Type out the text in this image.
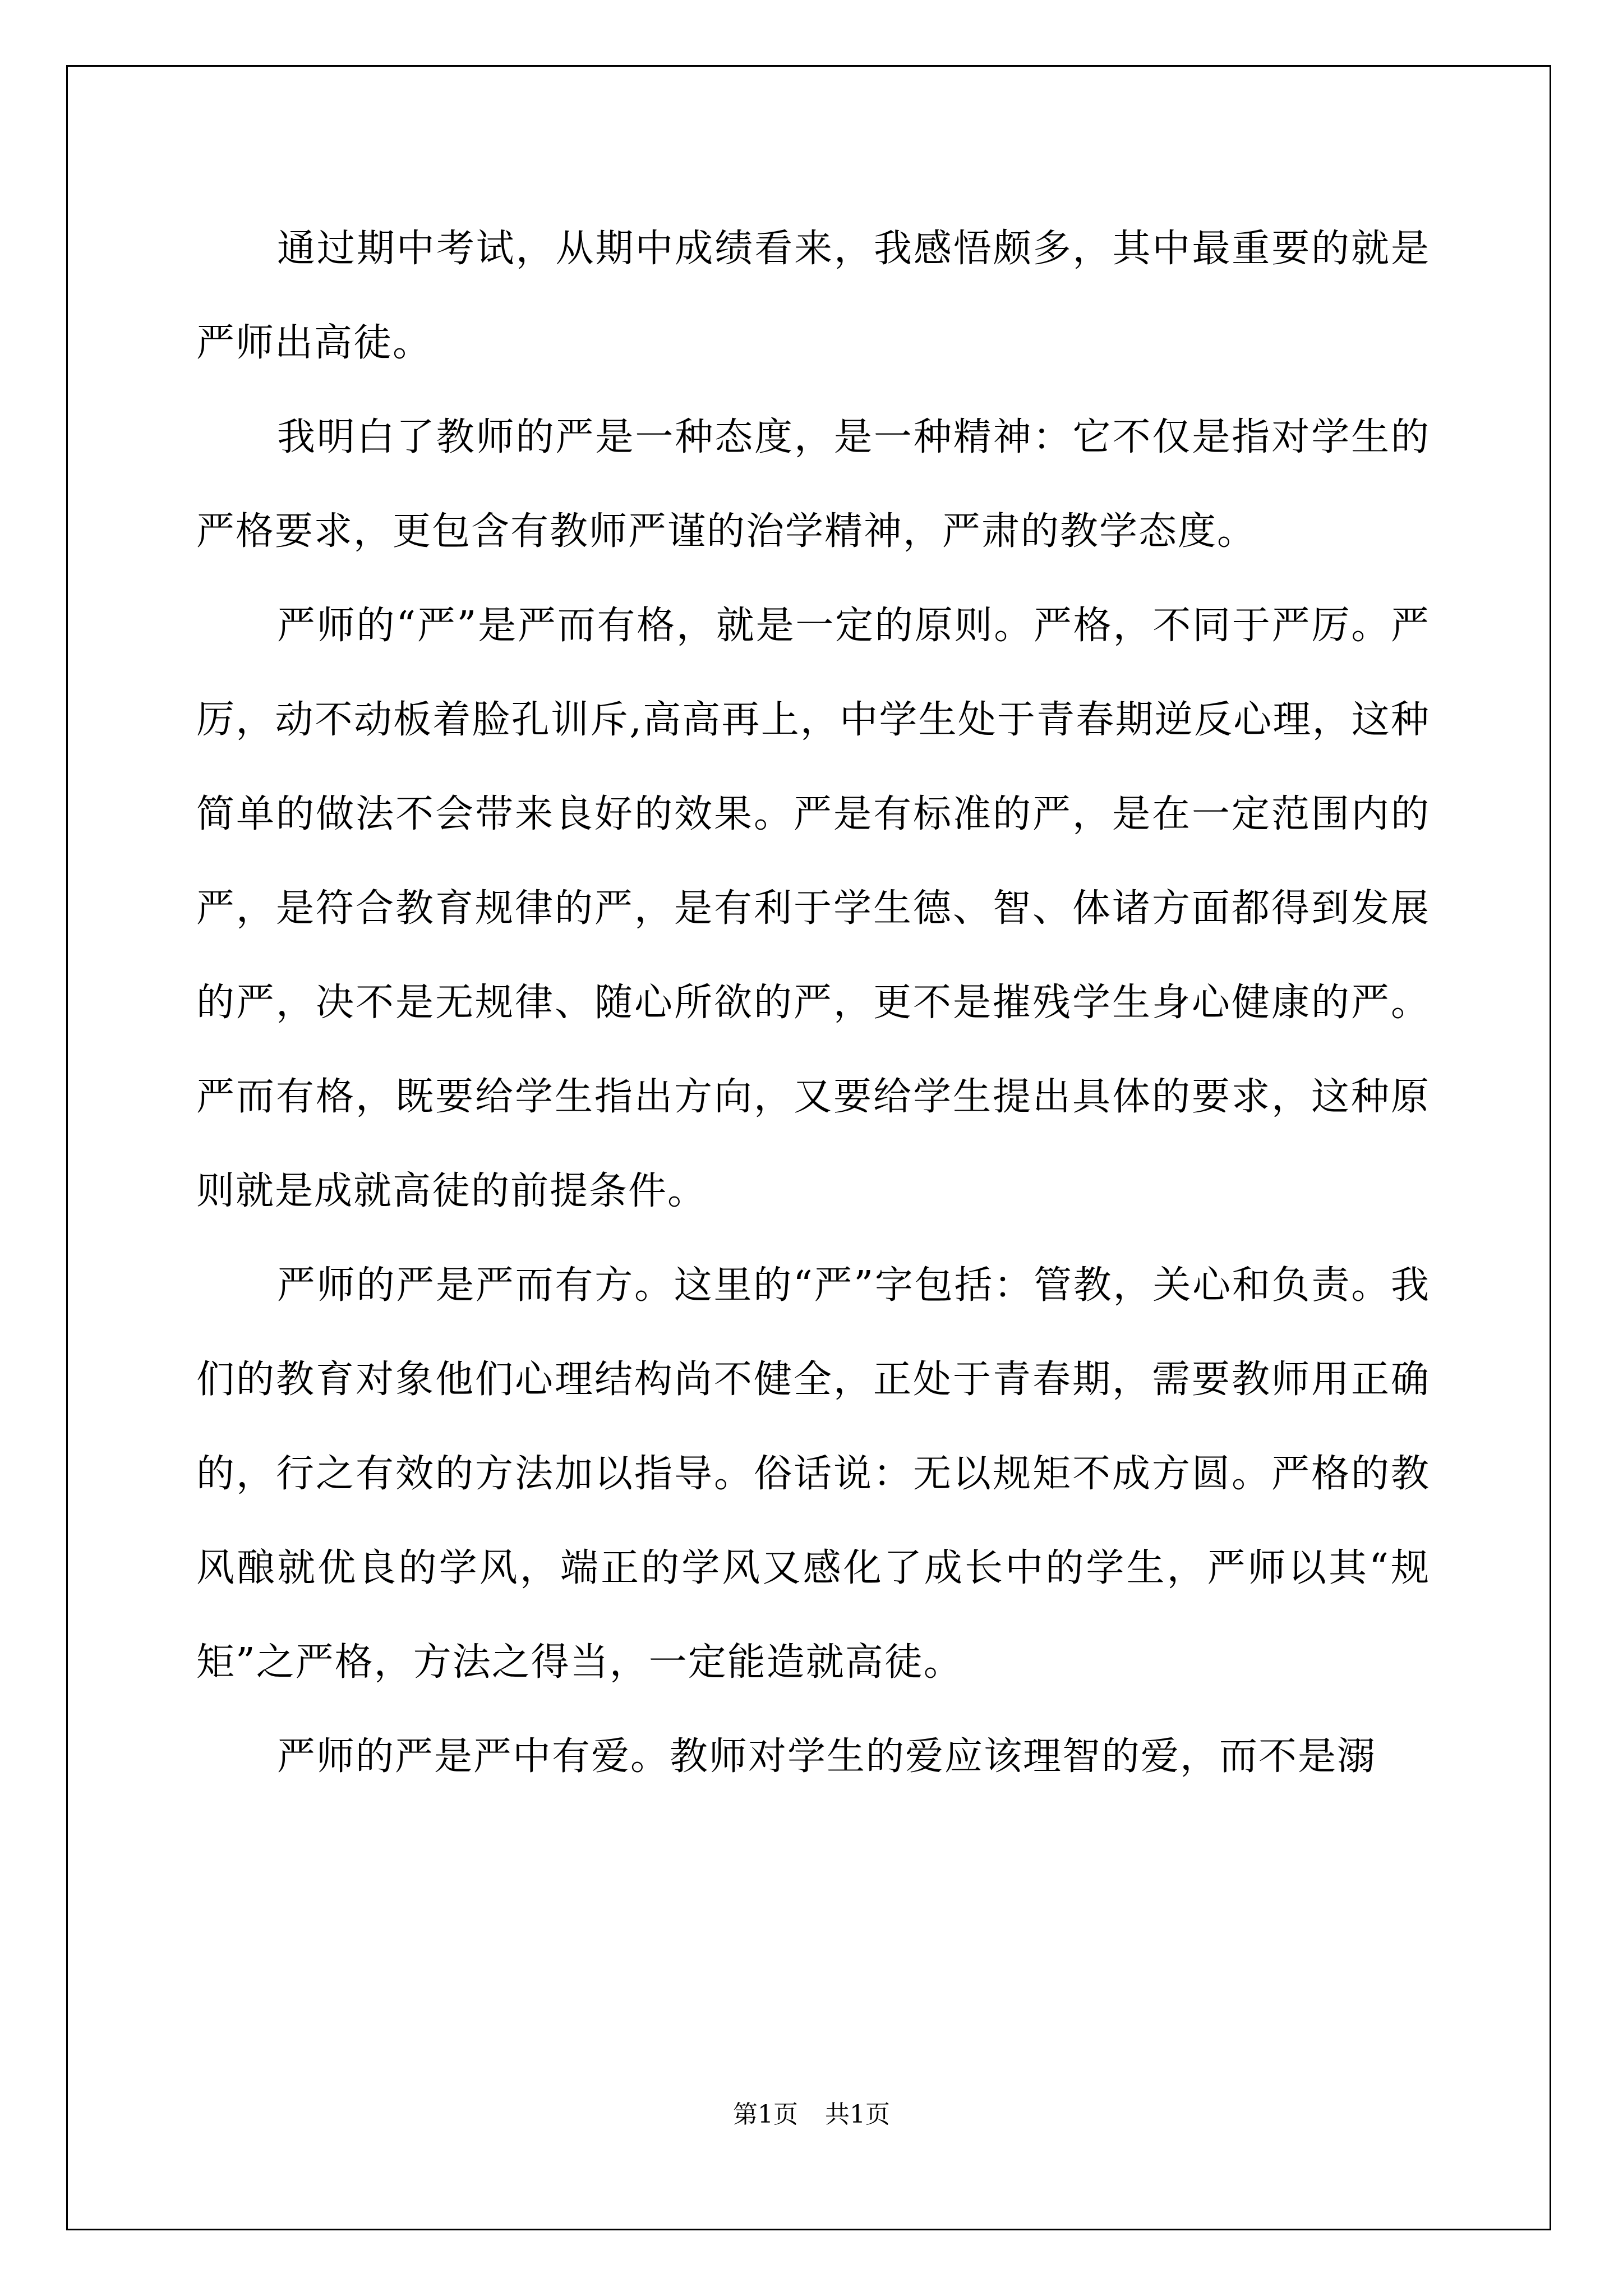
通过期中考试，从期中成绩看来，我感悟颇多，其中最重要的就是严师出高徒。

我明白了教师的严是一种态度，是一种精神：它不仅是指对学生的严格要求，更包含有教师严谨的治学精神，严肃的教学态度。

严师的“严”是严而有格，就是一定的原则。严格，不同于严厉。严厉，动不动板着脸孔训斥,高高再上，中学生处于青春期逆反心理，这种简单的做法不会带来良好的效果。严是有标准的严，是在一定范围内的严，是符合教育规律的严，是有利于学生德、智、体诸方面都得到发展的严，决不是无规律、随心所欲的严，更不是摧残学生身心健康的严。严而有格，既要给学生指出方向，又要给学生提出具体的要求，这种原则就是成就高徒的前提条件。

严师的严是严而有方。这里的“严”字包括：管教，关心和负责。我们的教育对象他们心理结构尚不健全，正处于青春期，需要教师用正确的，行之有效的方法加以指导。俗话说：无以规矩不成方圆。严格的教风酿就优良的学风，端正的学风又感化了成长中的学生，严师以其“规矩”之严格，方法之得当，一定能造就高徒。

严师的严是严中有爱。教师对学生的爱应该理智的爱，而不是溺

第1页 共1页
